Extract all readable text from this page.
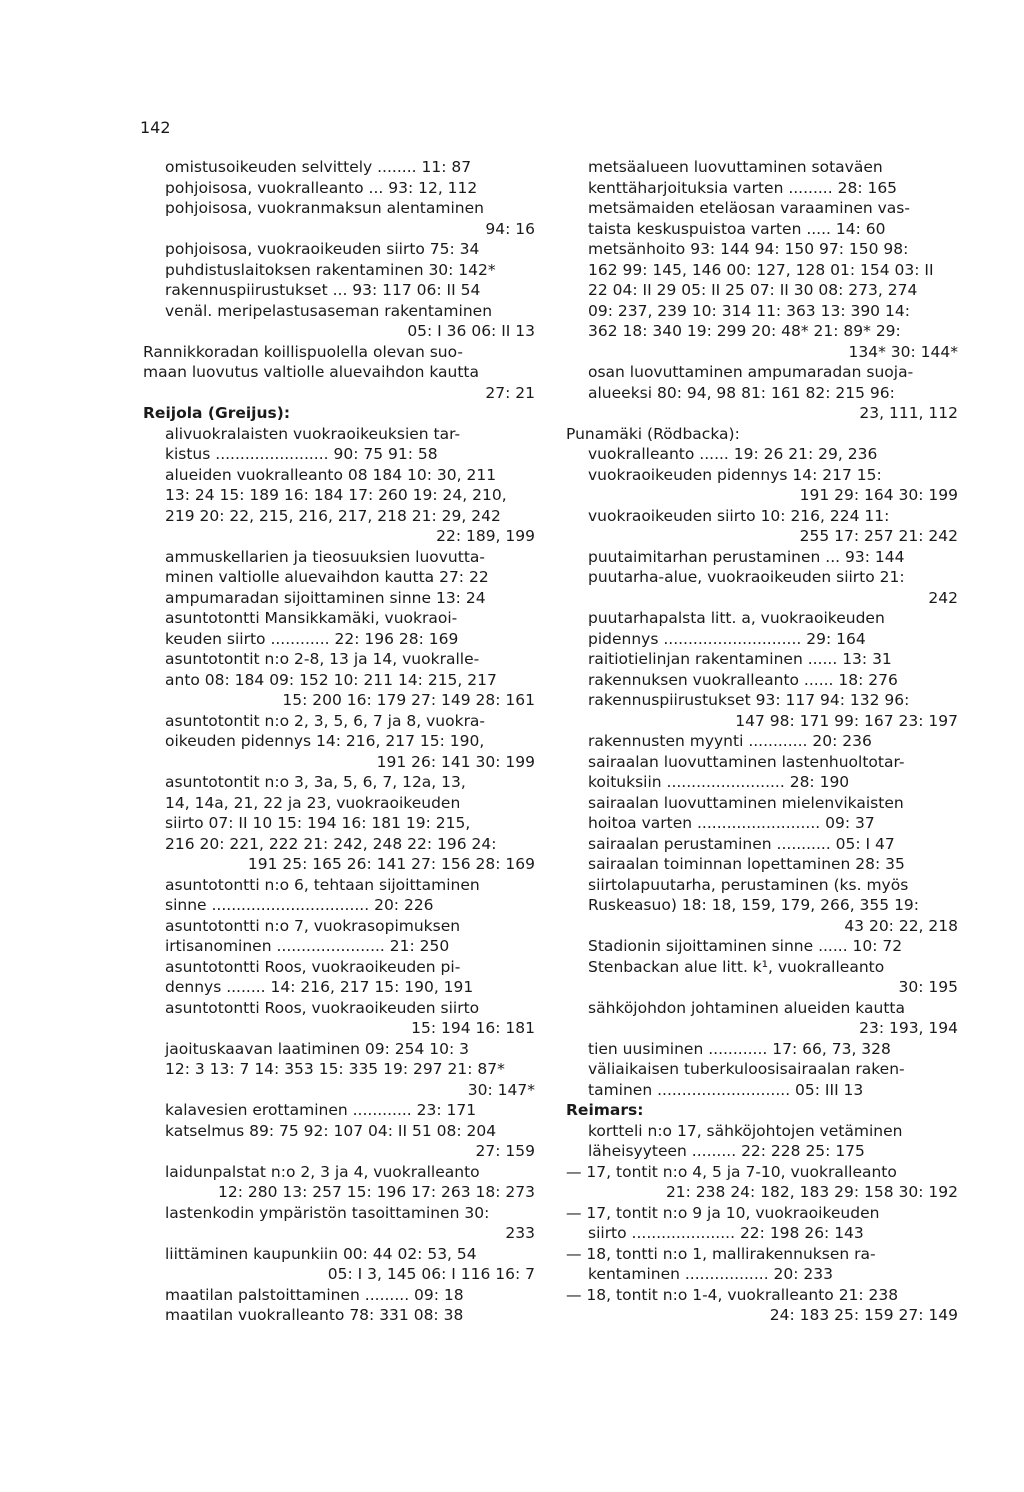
142
omistusoikeuden selvittely ........ 11: 87
pohjoisosa, vuokralleanto ... 93: 12, 112
pohjoisosa, vuokranmaksun alentaminen
94: 16
pohjoisosa, vuokraoikeuden siirto 75: 34
puhdistuslaitoksen rakentaminen 30: 142*
rakennuspiirustukset ... 93: 117 06: II 54
venäl. meripelastusaseman rakentaminen
05: I 36 06: II 13
Rannikkoradan koillispuolella olevan suo-
maan luovutus valtiolle aluevaihdon kautta
27: 21
Reijola (Greijus):
alivuokralaisten vuokraoikeuksien tar-
kistus ....................... 90: 75 91: 58
alueiden vuokralleanto 08 184 10: 30, 211
13: 24 15: 189 16: 184 17: 260 19: 24, 210,
219 20: 22, 215, 216, 217, 218 21: 29, 242
22: 189, 199
ammuskellarien ja tieosuuksien luovutta-
minen valtiolle aluevaihdon kautta 27: 22
ampumaradan sijoittaminen sinne 13: 24
asuntotontti Mansikkamäki, vuokraoi-
keuden siirto ............ 22: 196 28: 169
asuntotontit n:o 2-8, 13 ja 14, vuokralle-
anto 08: 184 09: 152 10: 211 14: 215, 217
15: 200 16: 179 27: 149 28: 161
asuntotontit n:o 2, 3, 5, 6, 7 ja 8, vuokra-
oikeuden pidennys 14: 216, 217 15: 190,
191 26: 141 30: 199
asuntotontit n:o 3, 3a, 5, 6, 7, 12a, 13,
14, 14a, 21, 22 ja 23, vuokraoikeuden
siirto 07: II 10 15: 194 16: 181 19: 215,
216 20: 221, 222 21: 242, 248 22: 196 24:
191 25: 165 26: 141 27: 156 28: 169
asuntotontti n:o 6, tehtaan sijoittaminen
sinne ................................ 20: 226
asuntotontti n:o 7, vuokrasopimuksen
irtisanominen ...................... 21: 250
asuntotontti Roos, vuokraoikeuden pi-
dennys ........ 14: 216, 217 15: 190, 191
asuntotontti Roos, vuokraoikeuden siirto
15: 194 16: 181
jaoituskaavan laatiminen 09: 254 10: 3
12: 3 13: 7 14: 353 15: 335 19: 297 21: 87*
30: 147*
kalavesien erottaminen ............ 23: 171
katselmus 89: 75 92: 107 04: II 51 08: 204
27: 159
laidunpalstat n:o 2, 3 ja 4, vuokralleanto
12: 280 13: 257 15: 196 17: 263 18: 273
lastenkodin ympäristön tasoittaminen 30:
233
liittäminen kaupunkiin 00: 44 02: 53, 54
05: I 3, 145 06: I 116 16: 7
maatilan palstoittaminen ......... 09: 18
maatilan vuokralleanto 78: 331 08: 38
metsäalueen luovuttaminen sotaväen
kenttäharjoituksia varten ......... 28: 165
metsämaiden eteläosan varaaminen vas-
taista keskuspuistoa varten ..... 14: 60
metsänhoito 93: 144 94: 150 97: 150 98:
162 99: 145, 146 00: 127, 128 01: 154 03: II
22 04: II 29 05: II 25 07: II 30 08: 273, 274
09: 237, 239 10: 314 11: 363 13: 390 14:
362 18: 340 19: 299 20: 48* 21: 89* 29:
134* 30: 144*
osan luovuttaminen ampumaradan suoja-
alueeksi 80: 94, 98 81: 161 82: 215 96:
23, 111, 112
Punamäki (Rödbacka):
vuokralleanto ...... 19: 26 21: 29, 236
vuokraoikeuden pidennys 14: 217 15:
191 29: 164 30: 199
vuokraoikeuden siirto 10: 216, 224 11:
255 17: 257 21: 242
puutaimitarhan perustaminen ... 93: 144
puutarha-alue, vuokraoikeuden siirto 21:
242
puutarhapalsta litt. a, vuokraoikeuden
pidennys ............................ 29: 164
raitiotielinjan rakentaminen ...... 13: 31
rakennuksen vuokralleanto ...... 18: 276
rakennuspiirustukset 93: 117 94: 132 96:
147 98: 171 99: 167 23: 197
rakennusten myynti ............ 20: 236
sairaalan luovuttaminen lastenhuoltotar-
koituksiin ........................ 28: 190
sairaalan luovuttaminen mielenvikaisten
hoitoa varten ......................... 09: 37
sairaalan perustaminen ........... 05: I 47
sairaalan toiminnan lopettaminen 28: 35
siirtolapuutarha, perustaminen (ks. myös
Ruskeasuo) 18: 18, 159, 179, 266, 355 19:
43 20: 22, 218
Stadionin sijoittaminen sinne ...... 10: 72
Stenbackan alue litt. k¹, vuokralleanto
30: 195
sähköjohdon johtaminen alueiden kautta
23: 193, 194
tien uusiminen ............ 17: 66, 73, 328
väliaikaisen tuberkuloosisairaalan raken-
taminen ........................... 05: III 13
Reimars:
kortteli n:o 17, sähköjohtojen vetäminen
läheisyyteen ......... 22: 228 25: 175
— 17, tontit n:o 4, 5 ja 7-10, vuokralleanto
21: 238 24: 182, 183 29: 158 30: 192
— 17, tontit n:o 9 ja 10, vuokraoikeuden
siirto ..................... 22: 198 26: 143
— 18, tontti n:o 1, mallirakennuksen ra-
kentaminen ................. 20: 233
— 18, tontit n:o 1-4, vuokralleanto 21: 238
24: 183 25: 159 27: 149
